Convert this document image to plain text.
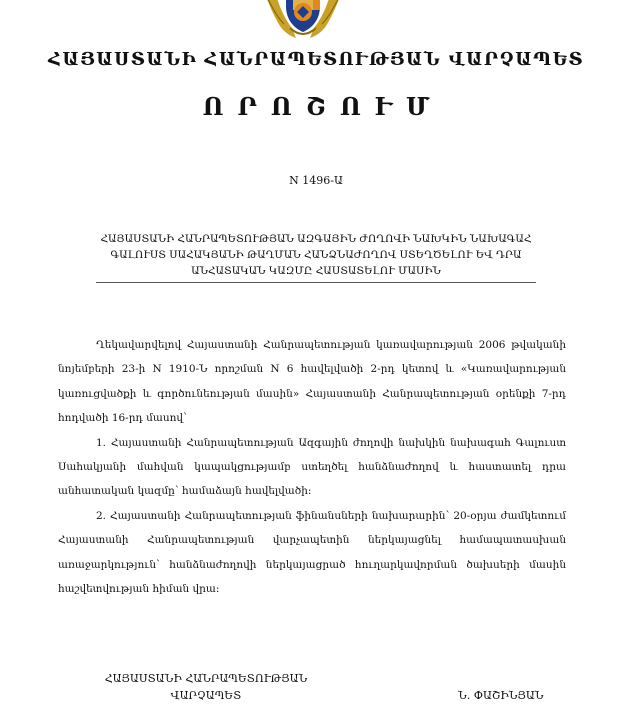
ՀԱՅԱՍՏԱՆԻ ՀԱՆՐԱՊԵՏՈՒԹՅԱՆ ՎԱՐՉԱՊԵՏ
ՈՐՈՇՈՒՄ
N 1496-Ա
ՀԱՅԱՍՏԱՆԻ ՀԱՆՐԱՊԵՏՈՒԹՅԱՆ ԱԶԳԱՅԻՆ ԺՈՂՈՎԻ ՆԱԽԿԻՆ ՆԱԽԱԳԱՀ ԳԱԼՈՒՍՏ ՍԱՀԱԿՅԱՆԻ ԹԱՂՄԱՆ ՀԱՆՁՆԱԺՈՂՈՎ ՍՏԵՂԾԵԼՈՒ ԵՎ ԴՐԱ ԱՆՀԱՏԱԿԱՆ ԿԱԶՄԸ ՀԱՍՏԱՏԵԼՈՒ ՄԱՍԻՆ

Ղեկավարվելով Հայաստանի Հանրապետության կառավարության 2006 թվականի նոյեմբերի 23-ի N 1910-Ն որոշման N 6 հավելվածի 2-րդ կետով և «Կառավարության կառուցվածքի և գործունեության մասին» Հայաստանի Հանրապետության օրենքի 7-րդ հոդվածի 16-րդ մասով՝

1. Հայաստանի Հանրապետության Ազգային ժողովի նախկին նախագահ Գալուստ Սահակյանի մահվան կապակցությամբ ստեղծել հանձնաժողով և հաստատել դրա անհատական կազմը՝ համաձայն հավելվածի։

2. Հայաստանի Հանրապետության ֆինանսների նախարարին՝ 20-օրյա ժամկետում Հայաստանի Հանրապետության վարչապետին ներկայացնել համապատասխան առաջարկություն՝ հանձնաժողովի ներկայացրած հուղարկավորման ծախսերի մասին հաշվետվության հիման վրա։

ՀԱՅԱՍՏԱՆԻ ՀԱՆՐԱՊԵՏՈՒԹՅԱՆ
ՎԱՐՉԱՊԵՏ	Ն. ՓԱՇԻՆՅԱՆ
